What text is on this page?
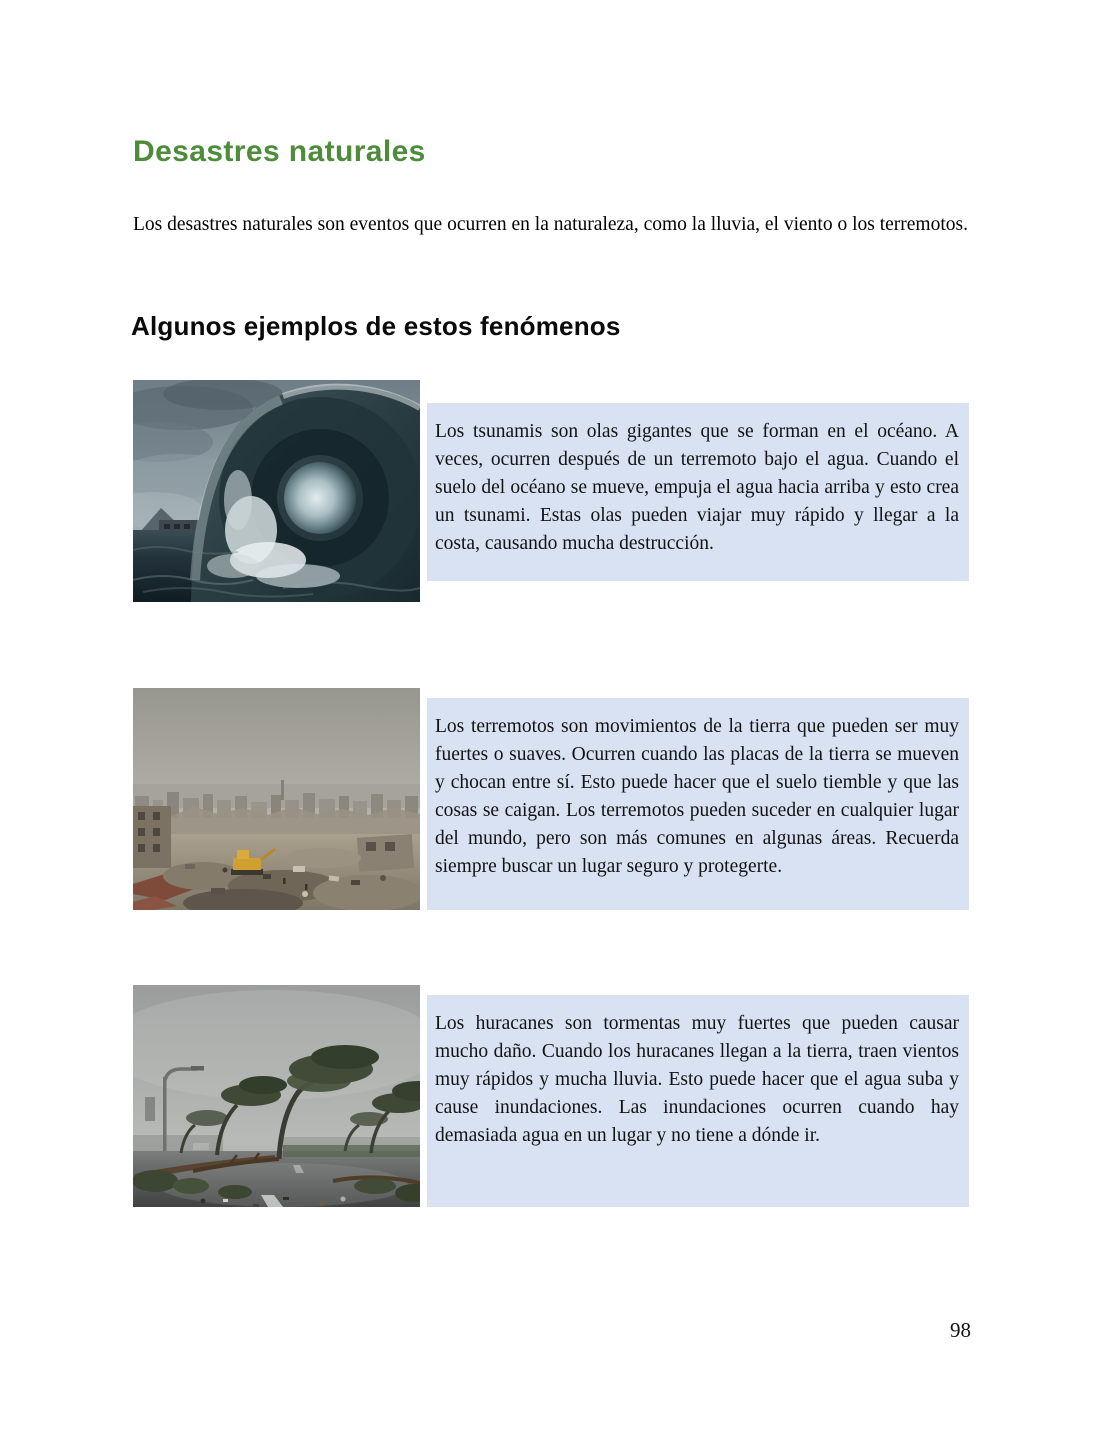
Desastres naturales

Los desastres naturales son eventos que ocurren en la naturaleza, como la lluvia, el viento o los terremotos.

Algunos ejemplos de estos fenómenos

Los tsunamis son olas gigantes que se forman en el océano. A veces, ocurren después de un terremoto bajo el agua. Cuando el suelo del océano se mueve, empuja el agua hacia arriba y esto crea un tsunami. Estas olas pueden viajar muy rápido y llegar a la costa, causando mucha destrucción.

Los terremotos son movimientos de la tierra que pueden ser muy fuertes o suaves. Ocurren cuando las placas de la tierra se mueven y chocan entre sí. Esto puede hacer que el suelo tiemble y que las cosas se caigan. Los terremotos pueden suceder en cualquier lugar del mundo, pero son más comunes en algunas áreas. Recuerda siempre buscar un lugar seguro y protegerte.

Los huracanes son tormentas muy fuertes que pueden causar mucho daño. Cuando los huracanes llegan a la tierra, traen vientos muy rápidos y mucha lluvia. Esto puede hacer que el agua suba y cause inundaciones. Las inundaciones ocurren cuando hay demasiada agua en un lugar y no tiene a dónde ir.

98
